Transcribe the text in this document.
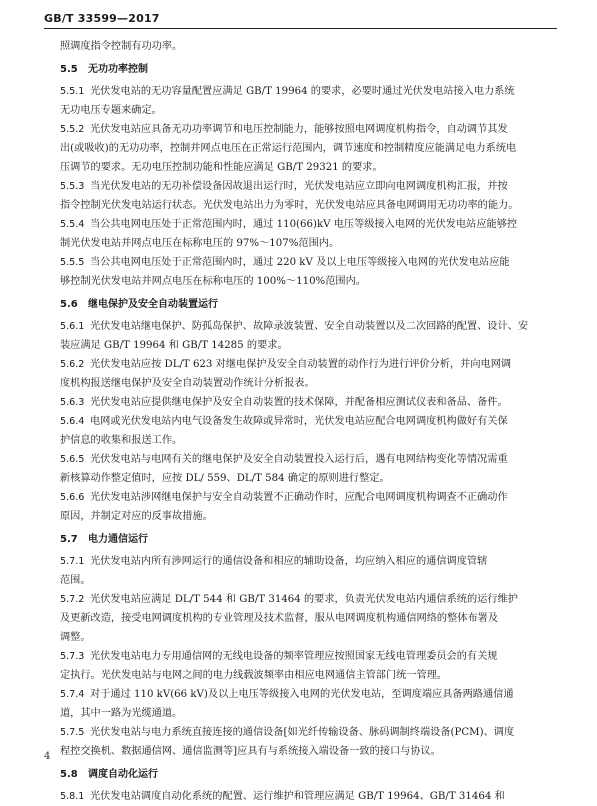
GB/T 33599—2017
照调度指令控制有功功率。
5.5	无功功率控制
5.5.1 光伏发电站的无功容量配置应满足 GB/T 19964 的要求，必要时通过光伏发电站接入电力系统
无功电压专题来确定。
5.5.2 光伏发电站应具备无功功率调节和电压控制能力，能够按照电网调度机构指令，自动调节其发
出(或吸收)的无功功率，控制并网点电压在正常运行范围内，调节速度和控制精度应能满足电力系统电
压调节的要求。无功电压控制功能和性能应满足 GB/T 29321 的要求。
5.5.3 当光伏发电站的无功补偿设备因故退出运行时，光伏发电站应立即向电网调度机构汇报，并按
指令控制光伏发电站运行状态。光伏发电站出力为零时，光伏发电站应具备电网调用无功功率的能力。
5.5.4 当公共电网电压处于正常范围内时，通过 110(66)kV 电压等级接入电网的光伏发电站应能够控
制光伏发电站并网点电压在标称电压的 97%～107%范围内。
5.5.5 当公共电网电压处于正常范围内时，通过 220 kV 及以上电压等级接入电网的光伏发电站应能
够控制光伏发电站并网点电压在标称电压的 100%～110%范围内。
5.6	继电保护及安全自动装置运行
5.6.1 光伏发电站继电保护、防孤岛保护、故障录波装置、安全自动装置以及二次回路的配置、设计、安
装应满足 GB/T 19964 和 GB/T 14285 的要求。
5.6.2 光伏发电站应按 DL/T 623 对继电保护及安全自动装置的动作行为进行评价分析，并向电网调
度机构报送继电保护及安全自动装置动作统计分析报表。
5.6.3 光伏发电站应提供继电保护及安全自动装置的技术保障，并配备相应测试仪表和备品、备件。
5.6.4 电网或光伏发电站内电气设备发生故障或异常时，光伏发电站应配合电网调度机构做好有关保
护信息的收集和报送工作。
5.6.5 光伏发电站与电网有关的继电保护及安全自动装置投入运行后，遇有电网结构变化等情况需重
新核算动作整定值时，应按 DL/ 559、DL/T 584 确定的原则进行整定。
5.6.6 光伏发电站涉网继电保护与安全自动装置不正确动作时，应配合电网调度机构调查不正确动作
原因，并制定对应的反事故措施。
5.7	电力通信运行
5.7.1 光伏发电站内所有涉网运行的通信设备和相应的辅助设备，均应纳入相应的通信调度管辖
范围。
5.7.2 光伏发电站应满足 DL/T 544 和 GB/T 31464 的要求，负责光伏发电站内通信系统的运行维护
及更新改造，接受电网调度机构的专业管理及技术监督，服从电网调度机构通信网络的整体布署及
调整。
5.7.3 光伏发电站电力专用通信网的无线电设备的频率管理应按照国家无线电管理委员会的有关规
定执行。光伏发电站与电网之间的电力线载波频率由相应电网通信主管部门统一管理。
5.7.4 对于通过 110 kV(66 kV)及以上电压等级接入电网的光伏发电站，至调度端应具备两路通信通
道，其中一路为光缆通道。
5.7.5 光伏发电站与电力系统直接连接的通信设备[如光纤传输设备、脉码调制终端设备(PCM)、调度
程控交换机、数据通信网、通信监测等]应具有与系统接入端设备一致的接口与协议。
5.8	调度自动化运行
5.8.1 光伏发电站调度自动化系统的配置、运行维护和管理应满足 GB/T 19964、GB/T 31464 和
4
